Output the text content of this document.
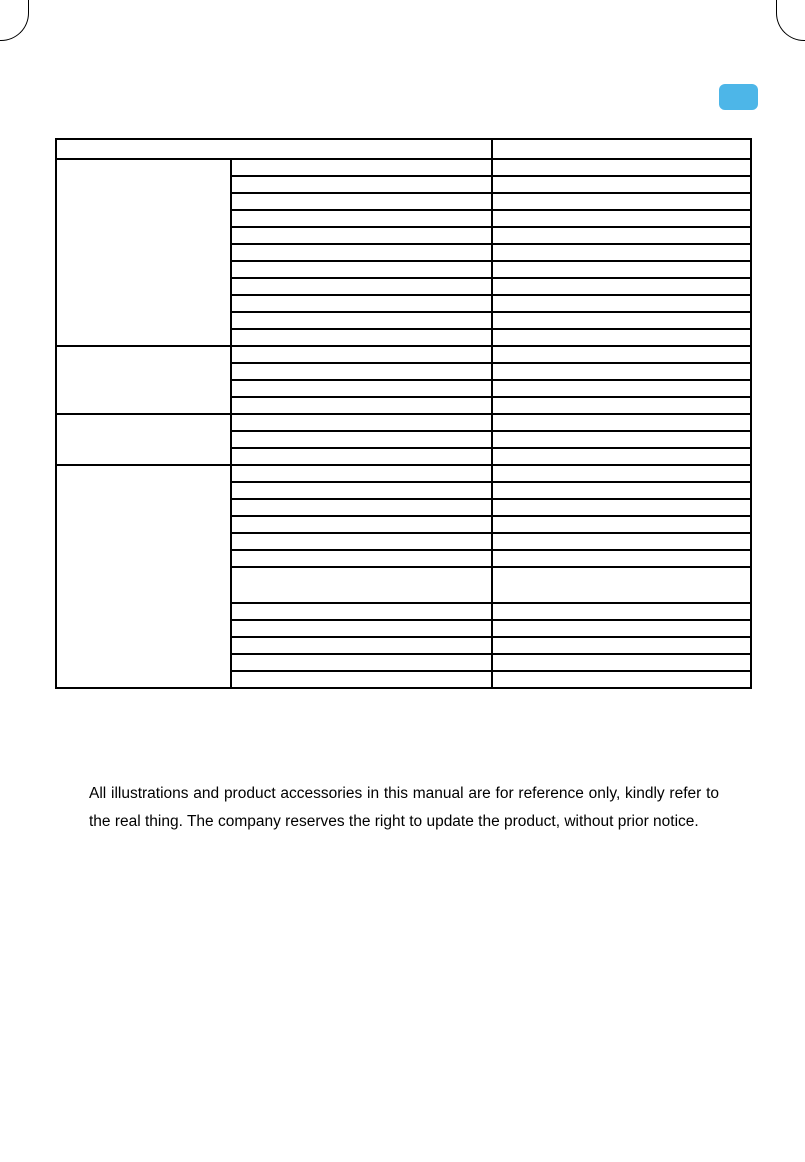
All illustrations and product accessories in this manual are for reference only, kindly refer to the real thing. The company reserves the right to update the product, without prior notice.
